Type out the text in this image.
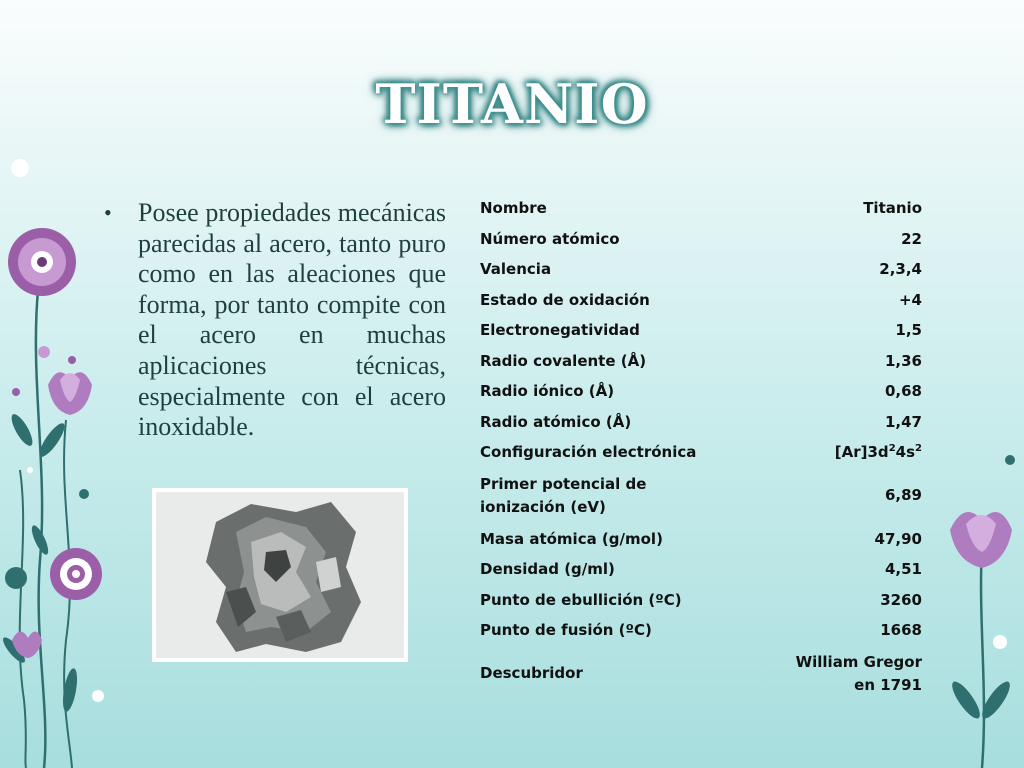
TITANIO
•	Posee propiedades mecánicas parecidas al acero, tanto puro como en las aleaciones que forma, por tanto compite con el acero en muchas aplicaciones técnicas, especialmente con el acero inoxidable.
Nombre	Titanio
Número atómico	22
Valencia	2,3,4
Estado de oxidación	+4
Electronegatividad	1,5
Radio covalente (Å)	1,36
Radio iónico (Å)	0,68
Radio atómico (Å)	1,47
Configuración electrónica	$[Ar]3d^24s^2$
Primer potencial de
ionización (eV)	6,89
Masa atómica (g/mol)	47,90
Densidad (g/ml)	4,51
Punto de ebullición (ºC)	3260
Punto de fusión (ºC)	1668
Descubridor	William Gregor
en 1791
